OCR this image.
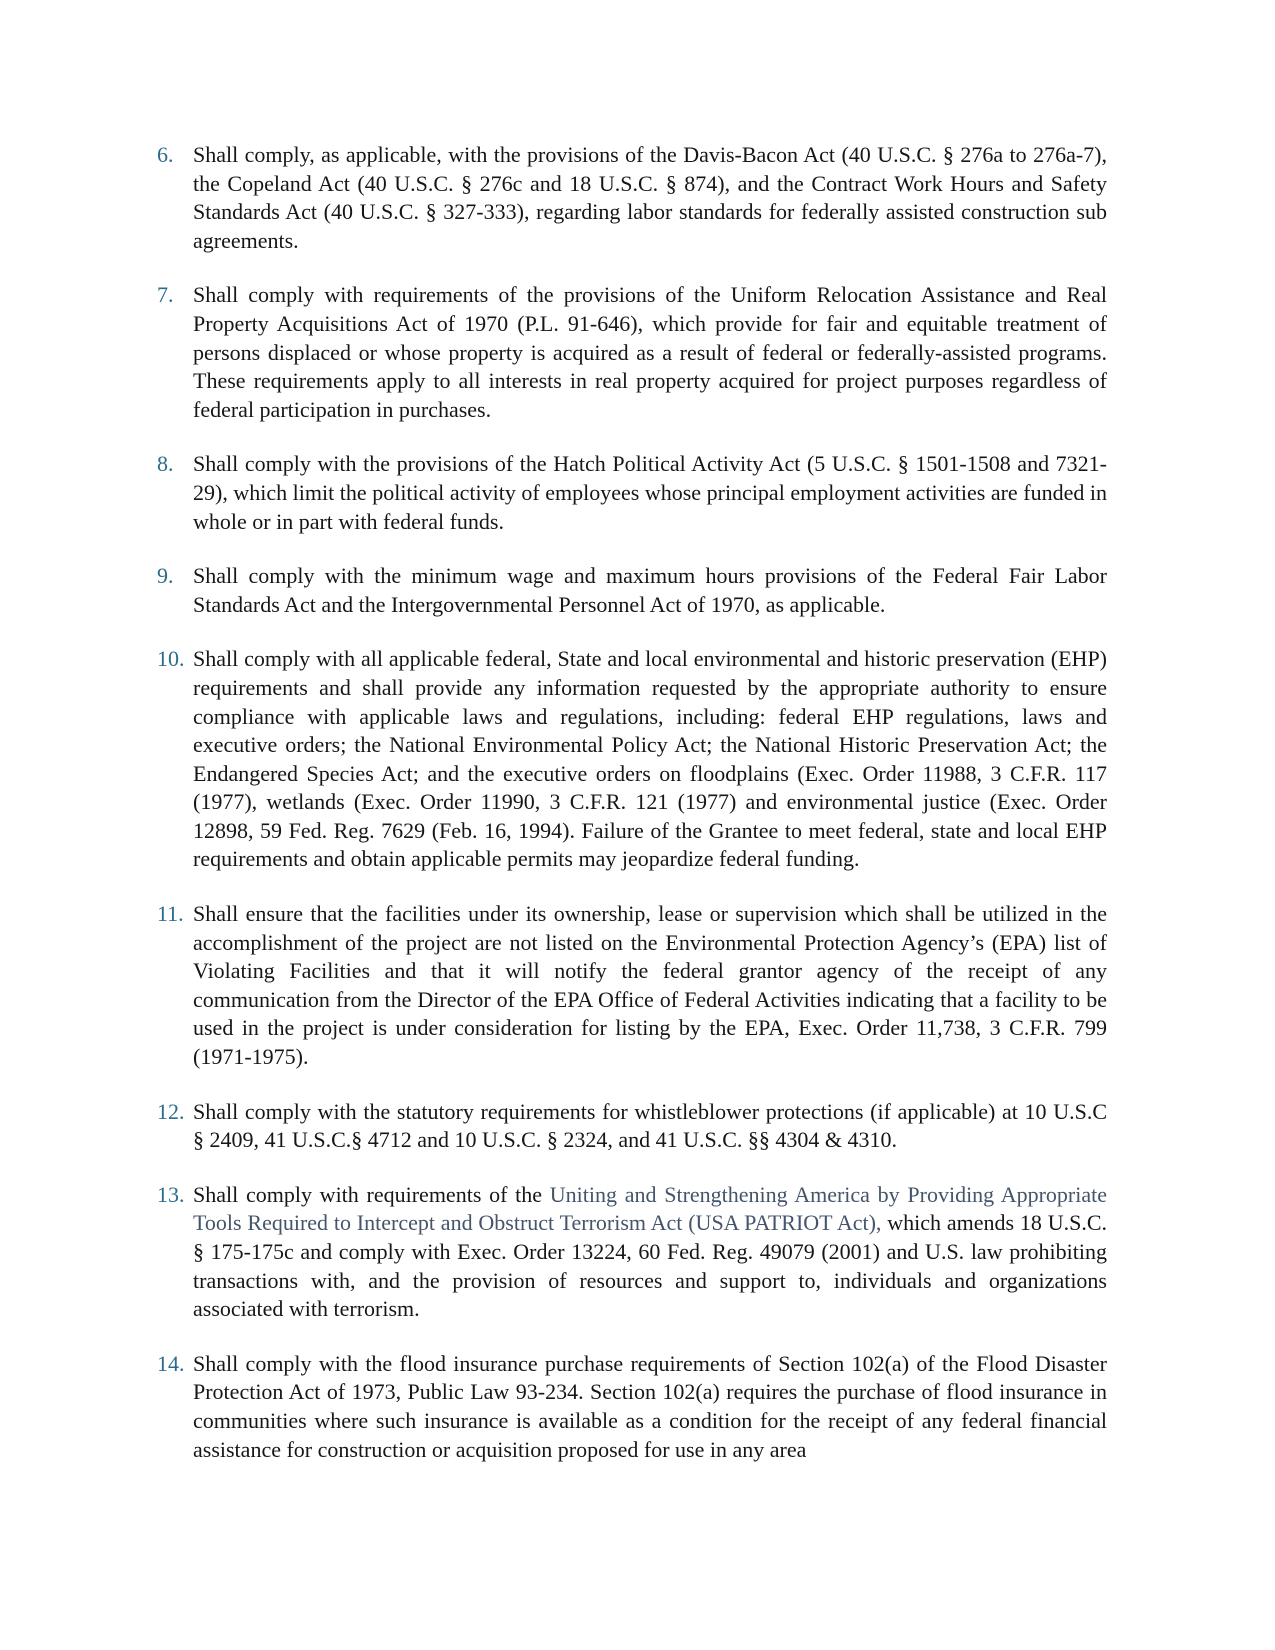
6. Shall comply, as applicable, with the provisions of the Davis-Bacon Act (40 U.S.C. § 276a to 276a-7), the Copeland Act (40 U.S.C. § 276c and 18 U.S.C. § 874), and the Contract Work Hours and Safety Standards Act (40 U.S.C. § 327-333), regarding labor standards for federally assisted construction sub agreements.
7. Shall comply with requirements of the provisions of the Uniform Relocation Assistance and Real Property Acquisitions Act of 1970 (P.L. 91-646), which provide for fair and equitable treatment of persons displaced or whose property is acquired as a result of federal or federally-assisted programs. These requirements apply to all interests in real property acquired for project purposes regardless of federal participation in purchases.
8. Shall comply with the provisions of the Hatch Political Activity Act (5 U.S.C. § 1501-1508 and 7321-29), which limit the political activity of employees whose principal employment activities are funded in whole or in part with federal funds.
9. Shall comply with the minimum wage and maximum hours provisions of the Federal Fair Labor Standards Act and the Intergovernmental Personnel Act of 1970, as applicable.
10. Shall comply with all applicable federal, State and local environmental and historic preservation (EHP) requirements and shall provide any information requested by the appropriate authority to ensure compliance with applicable laws and regulations, including: federal EHP regulations, laws and executive orders; the National Environmental Policy Act; the National Historic Preservation Act; the Endangered Species Act; and the executive orders on floodplains (Exec. Order 11988, 3 C.F.R. 117 (1977), wetlands (Exec. Order 11990, 3 C.F.R. 121 (1977) and environmental justice (Exec. Order 12898, 59 Fed. Reg. 7629 (Feb. 16, 1994). Failure of the Grantee to meet federal, state and local EHP requirements and obtain applicable permits may jeopardize federal funding.
11. Shall ensure that the facilities under its ownership, lease or supervision which shall be utilized in the accomplishment of the project are not listed on the Environmental Protection Agency’s (EPA) list of Violating Facilities and that it will notify the federal grantor agency of the receipt of any communication from the Director of the EPA Office of Federal Activities indicating that a facility to be used in the project is under consideration for listing by the EPA, Exec. Order 11,738, 3 C.F.R. 799 (1971-1975).
12. Shall comply with the statutory requirements for whistleblower protections (if applicable) at 10 U.S.C § 2409, 41 U.S.C.§ 4712 and 10 U.S.C. § 2324, and 41 U.S.C. §§ 4304 & 4310.
13. Shall comply with requirements of the Uniting and Strengthening America by Providing Appropriate Tools Required to Intercept and Obstruct Terrorism Act (USA PATRIOT Act), which amends 18 U.S.C. § 175-175c and comply with Exec. Order 13224, 60 Fed. Reg. 49079 (2001) and U.S. law prohibiting transactions with, and the provision of resources and support to, individuals and organizations associated with terrorism.
14. Shall comply with the flood insurance purchase requirements of Section 102(a) of the Flood Disaster Protection Act of 1973, Public Law 93-234. Section 102(a) requires the purchase of flood insurance in communities where such insurance is available as a condition for the receipt of any federal financial assistance for construction or acquisition proposed for use in any area
